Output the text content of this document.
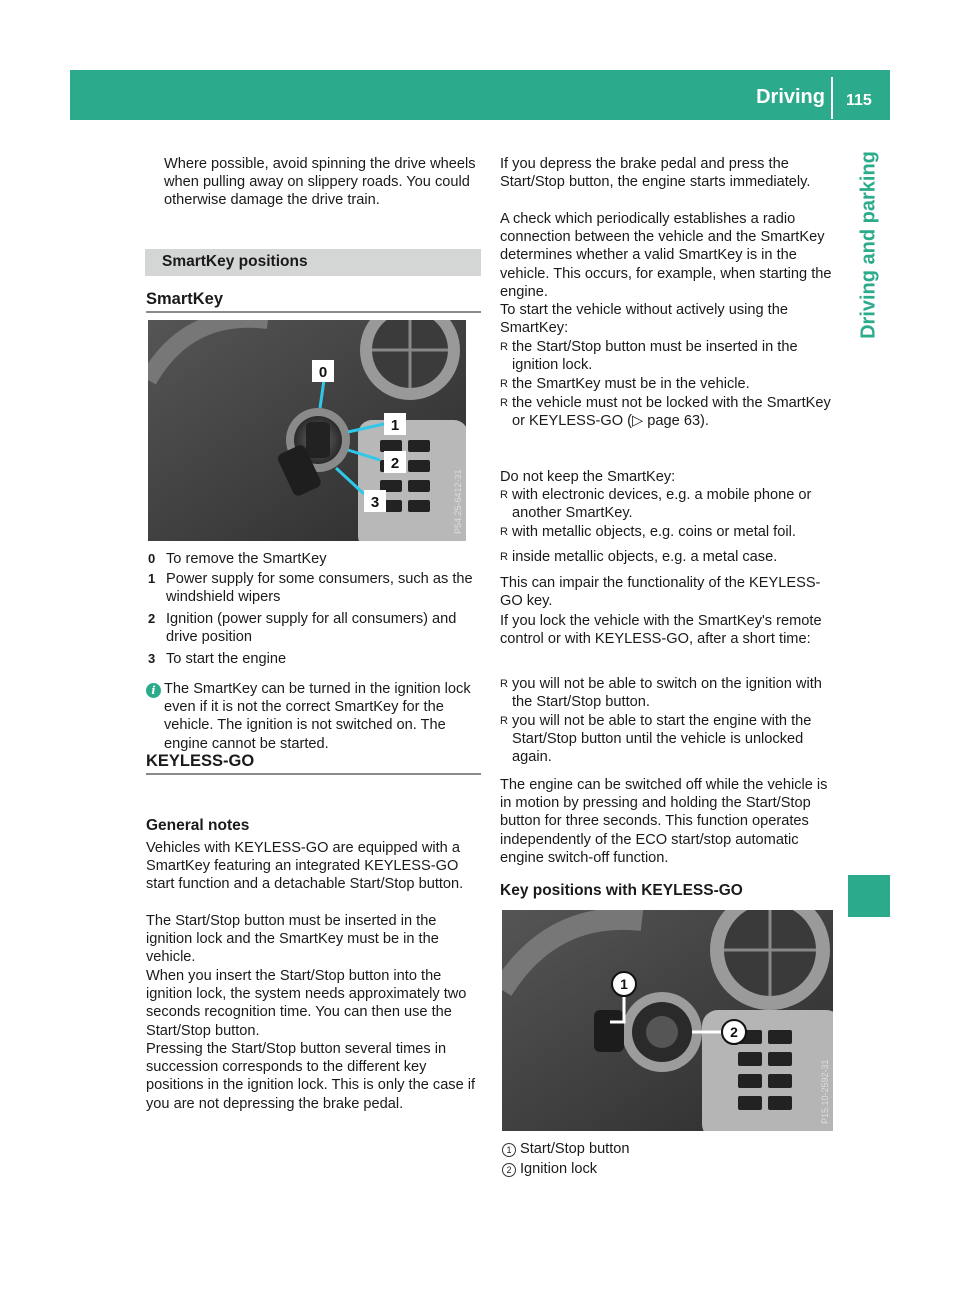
Driving 115
Driving and parking

Where possible, avoid spinning the drive wheels when pulling away on slippery roads. You could otherwise damage the drive train.

SmartKey positions
SmartKey
0
1
2
3	P54.25-6412-31
0 To remove the SmartKey
1 Power supply for some consumers, such as the windshield wipers
2 Ignition (power supply for all consumers) and drive position
3 To start the engine
i The SmartKey can be turned in the ignition lock even if it is not the correct SmartKey for the vehicle. The ignition is not switched on. The engine cannot be started.

KEYLESS-GO
General notes

Vehicles with KEYLESS-GO are equipped with a SmartKey featuring an integrated KEYLESS-GO start function and a detachable Start/Stop button.

The Start/Stop button must be inserted in the ignition lock and the SmartKey must be in the vehicle.

When you insert the Start/Stop button into the ignition lock, the system needs approximately two seconds recognition time. You can then use the Start/Stop button.

Pressing the Start/Stop button several times in succession corresponds to the different key positions in the ignition lock. This is only the case if you are not depressing the brake pedal.

If you depress the brake pedal and press the Start/Stop button, the engine starts immediately.

A check which periodically establishes a radio connection between the vehicle and the SmartKey determines whether a valid SmartKey is in the vehicle. This occurs, for example, when starting the engine.

To start the vehicle without actively using the SmartKey:

R the Start/Stop button must be inserted in the ignition lock.
R the SmartKey must be in the vehicle.
R the vehicle must not be locked with the SmartKey or KEYLESS-GO (▷ page 63).

Do not keep the SmartKey:

R with electronic devices, e.g. a mobile phone or another SmartKey.
R with metallic objects, e.g. coins or metal foil.
R inside metallic objects, e.g. a metal case.

This can impair the functionality of the KEYLESS-GO key.

If you lock the vehicle with the SmartKey's remote control or with KEYLESS-GO, after a short time:

R you will not be able to switch on the ignition with the Start/Stop button.
R you will not be able to start the engine with the Start/Stop button until the vehicle is unlocked again.

The engine can be switched off while the vehicle is in motion by pressing and holding the Start/Stop button for three seconds. This function operates independently of the ECO start/stop automatic engine switch-off function.

Key positions with KEYLESS-GO
1
2
P15.10-2592-31
1 Start/Stop button
2 Ignition lock
